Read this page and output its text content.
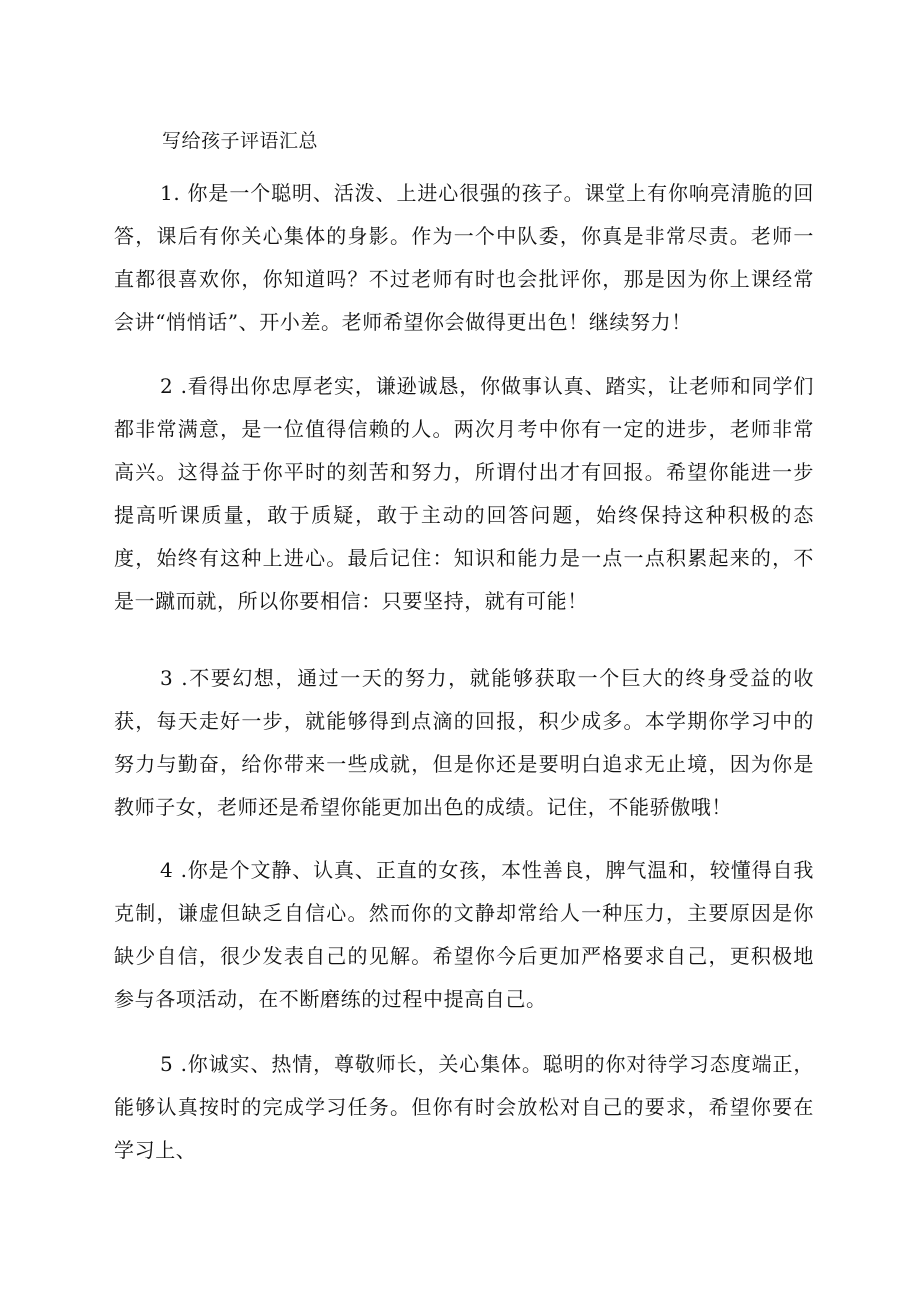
写给孩子评语汇总

1. 你是一个聪明、活泼、上进心很强的孩子。课堂上有你响亮清脆的回答，课后有你关心集体的身影。作为一个中队委，你真是非常尽责。老师一直都很喜欢你，你知道吗？不过老师有时也会批评你，那是因为你上课经常会讲“悄悄话”、开小差。老师希望你会做得更出色！继续努力！

2 .看得出你忠厚老实，谦逊诚恳，你做事认真、踏实，让老师和同学们都非常满意，是一位值得信赖的人。两次月考中你有一定的进步，老师非常高兴。这得益于你平时的刻苦和努力，所谓付出才有回报。希望你能进一步提高听课质量，敢于质疑，敢于主动的回答问题，始终保持这种积极的态度，始终有这种上进心。最后记住：知识和能力是一点一点积累起来的，不是一蹴而就，所以你要相信：只要坚持，就有可能！

3 .不要幻想，通过一天的努力，就能够获取一个巨大的终身受益的收获，每天走好一步，就能够得到点滴的回报，积少成多。本学期你学习中的努力与勤奋，给你带来一些成就，但是你还是要明白追求无止境，因为你是教师子女，老师还是希望你能更加出色的成绩。记住，不能骄傲哦！

4 .你是个文静、认真、正直的女孩，本性善良，脾气温和，较懂得自我克制，谦虚但缺乏自信心。然而你的文静却常给人一种压力，主要原因是你缺少自信，很少发表自己的见解。希望你今后更加严格要求自己，更积极地参与各项活动，在不断磨练的过程中提高自己。

5 .你诚实、热情，尊敬师长，关心集体。聪明的你对待学习态度端正，能够认真按时的完成学习任务。但你有时会放松对自己的要求，希望你要在学习上、
